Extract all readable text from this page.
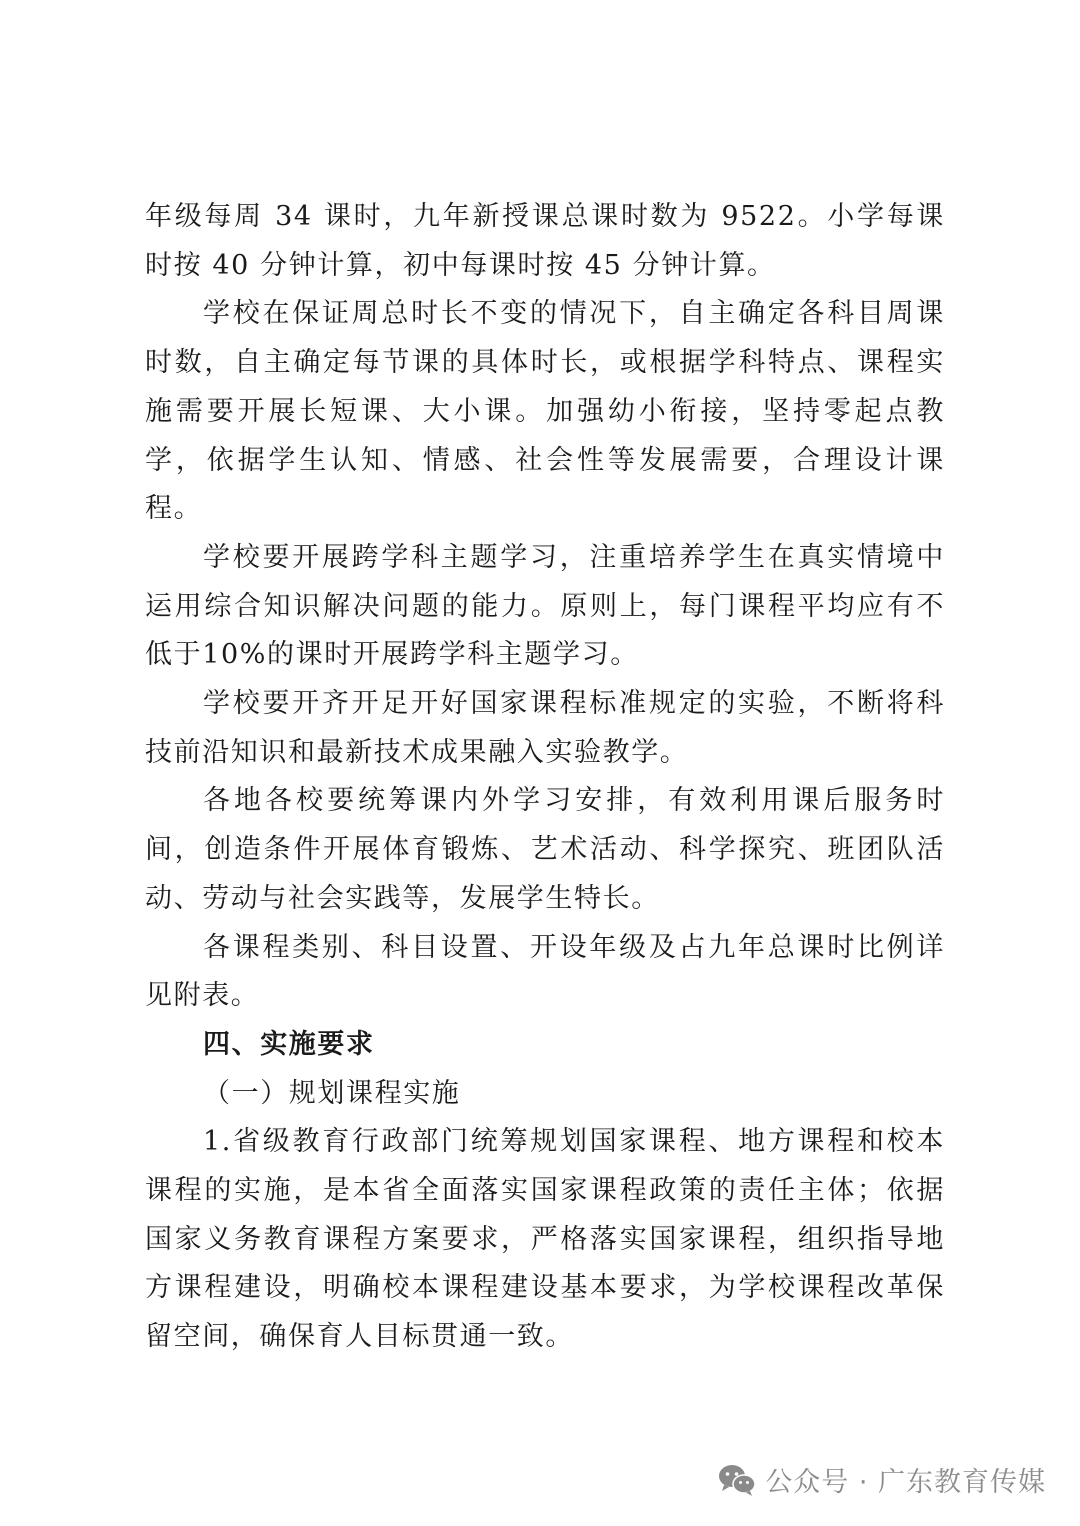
年级每周 34 课时，九年新授课总课时数为 9522。小学每课时按 40 分钟计算，初中每课时按 45 分钟计算。

学校在保证周总时长不变的情况下，自主确定各科目周课时数，自主确定每节课的具体时长，或根据学科特点、课程实施需要开展长短课、大小课。加强幼小衔接，坚持零起点教学，依据学生认知、情感、社会性等发展需要，合理设计课程。

学校要开展跨学科主题学习，注重培养学生在真实情境中运用综合知识解决问题的能力。原则上，每门课程平均应有不低于10%的课时开展跨学科主题学习。

学校要开齐开足开好国家课程标准规定的实验，不断将科技前沿知识和最新技术成果融入实验教学。

各地各校要统筹课内外学习安排，有效利用课后服务时间，创造条件开展体育锻炼、艺术活动、科学探究、班团队活动、劳动与社会实践等，发展学生特长。

各课程类别、科目设置、开设年级及占九年总课时比例详见附表。

四、实施要求

（一）规划课程实施

1.省级教育行政部门统筹规划国家课程、地方课程和校本课程的实施，是本省全面落实国家课程政策的责任主体；依据国家义务教育课程方案要求，严格落实国家课程，组织指导地方课程建设，明确校本课程建设基本要求，为学校课程改革保留空间，确保育人目标贯通一致。

公众号 · 广东教育传媒
